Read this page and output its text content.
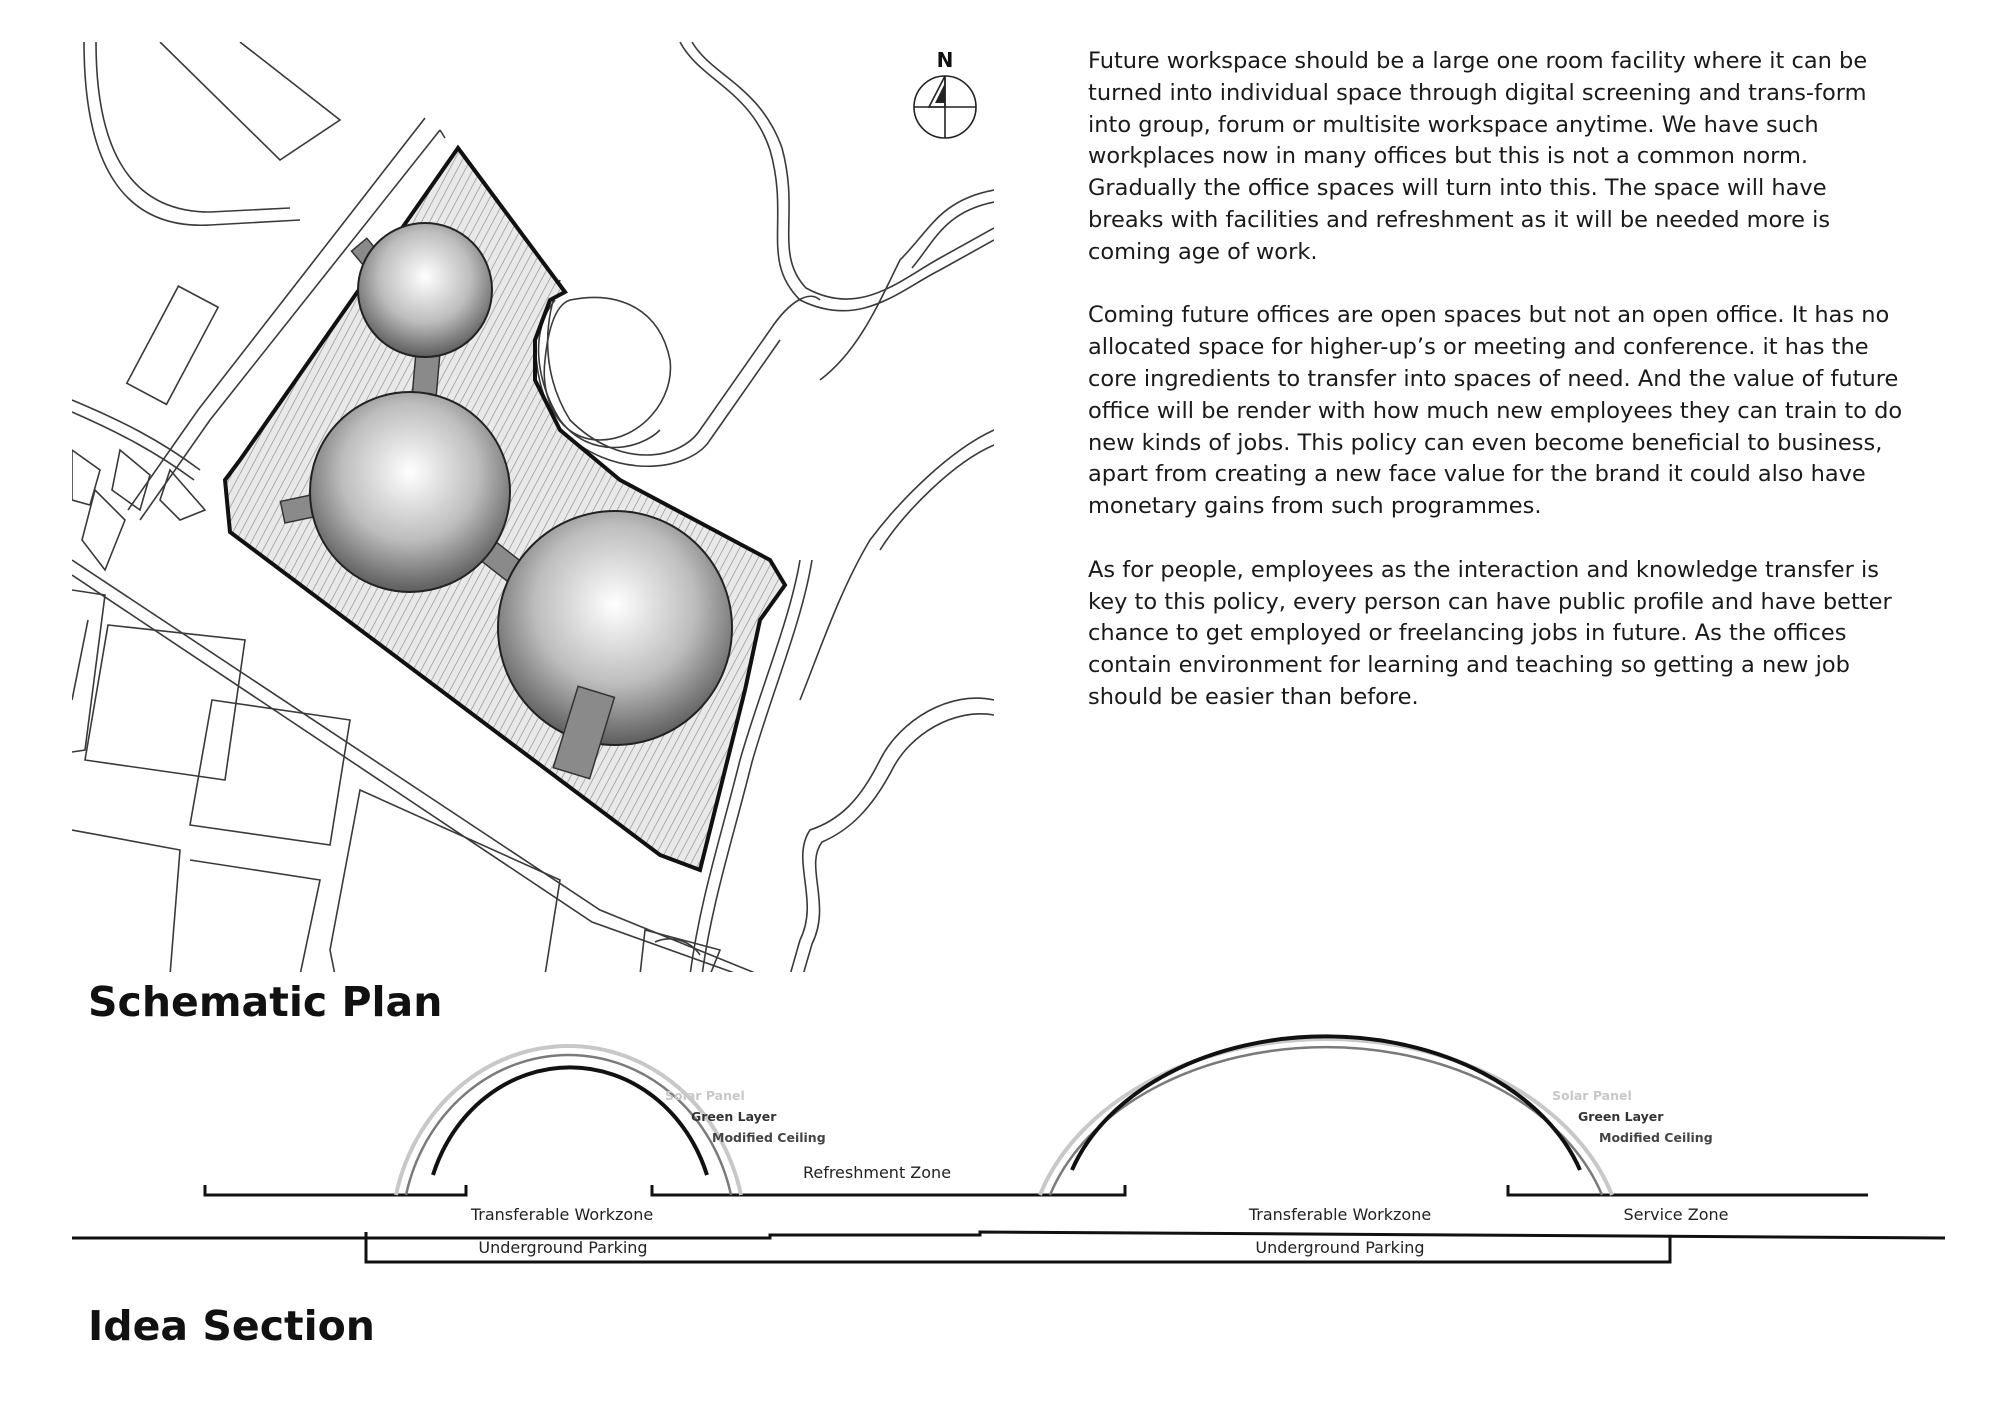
N	Future workspace should be a large one room facility where it can be turned into individual space through digital screening and trans-form into group, forum or multisite workspace anytime. We have such workplaces now in many offices but this is not a common norm. Gradually the office spaces will turn into this. The space will have breaks with facilities and refreshment as it will be needed more is coming age of work.

Coming future offices are open spaces but not an open office. It has no allocated space for higher-up’s or meeting and conference. it has the core ingredients to transfer into spaces of need. And the value of future office will be render with how much new employees they can train to do new kinds of jobs. This policy can even become beneficial to business, apart from creating a new face value for the brand it could also have monetary gains from such programmes.

As for people, employees as the interaction and knowledge transfer is key to this policy, every person can have public profile and have better chance to get employed or freelancing jobs in future. As the offices contain environment for learning and teaching so getting a new job should be easier than before.

Schematic Plan
Solar Panel
Green Layer
Modified Ceiling
Solar Panel
Green Layer
Modified Ceiling
Transferable Workzone
Refreshment Zone
Transferable Workzone	Service Zone
Underground Parking	Underground Parking
Idea Section
